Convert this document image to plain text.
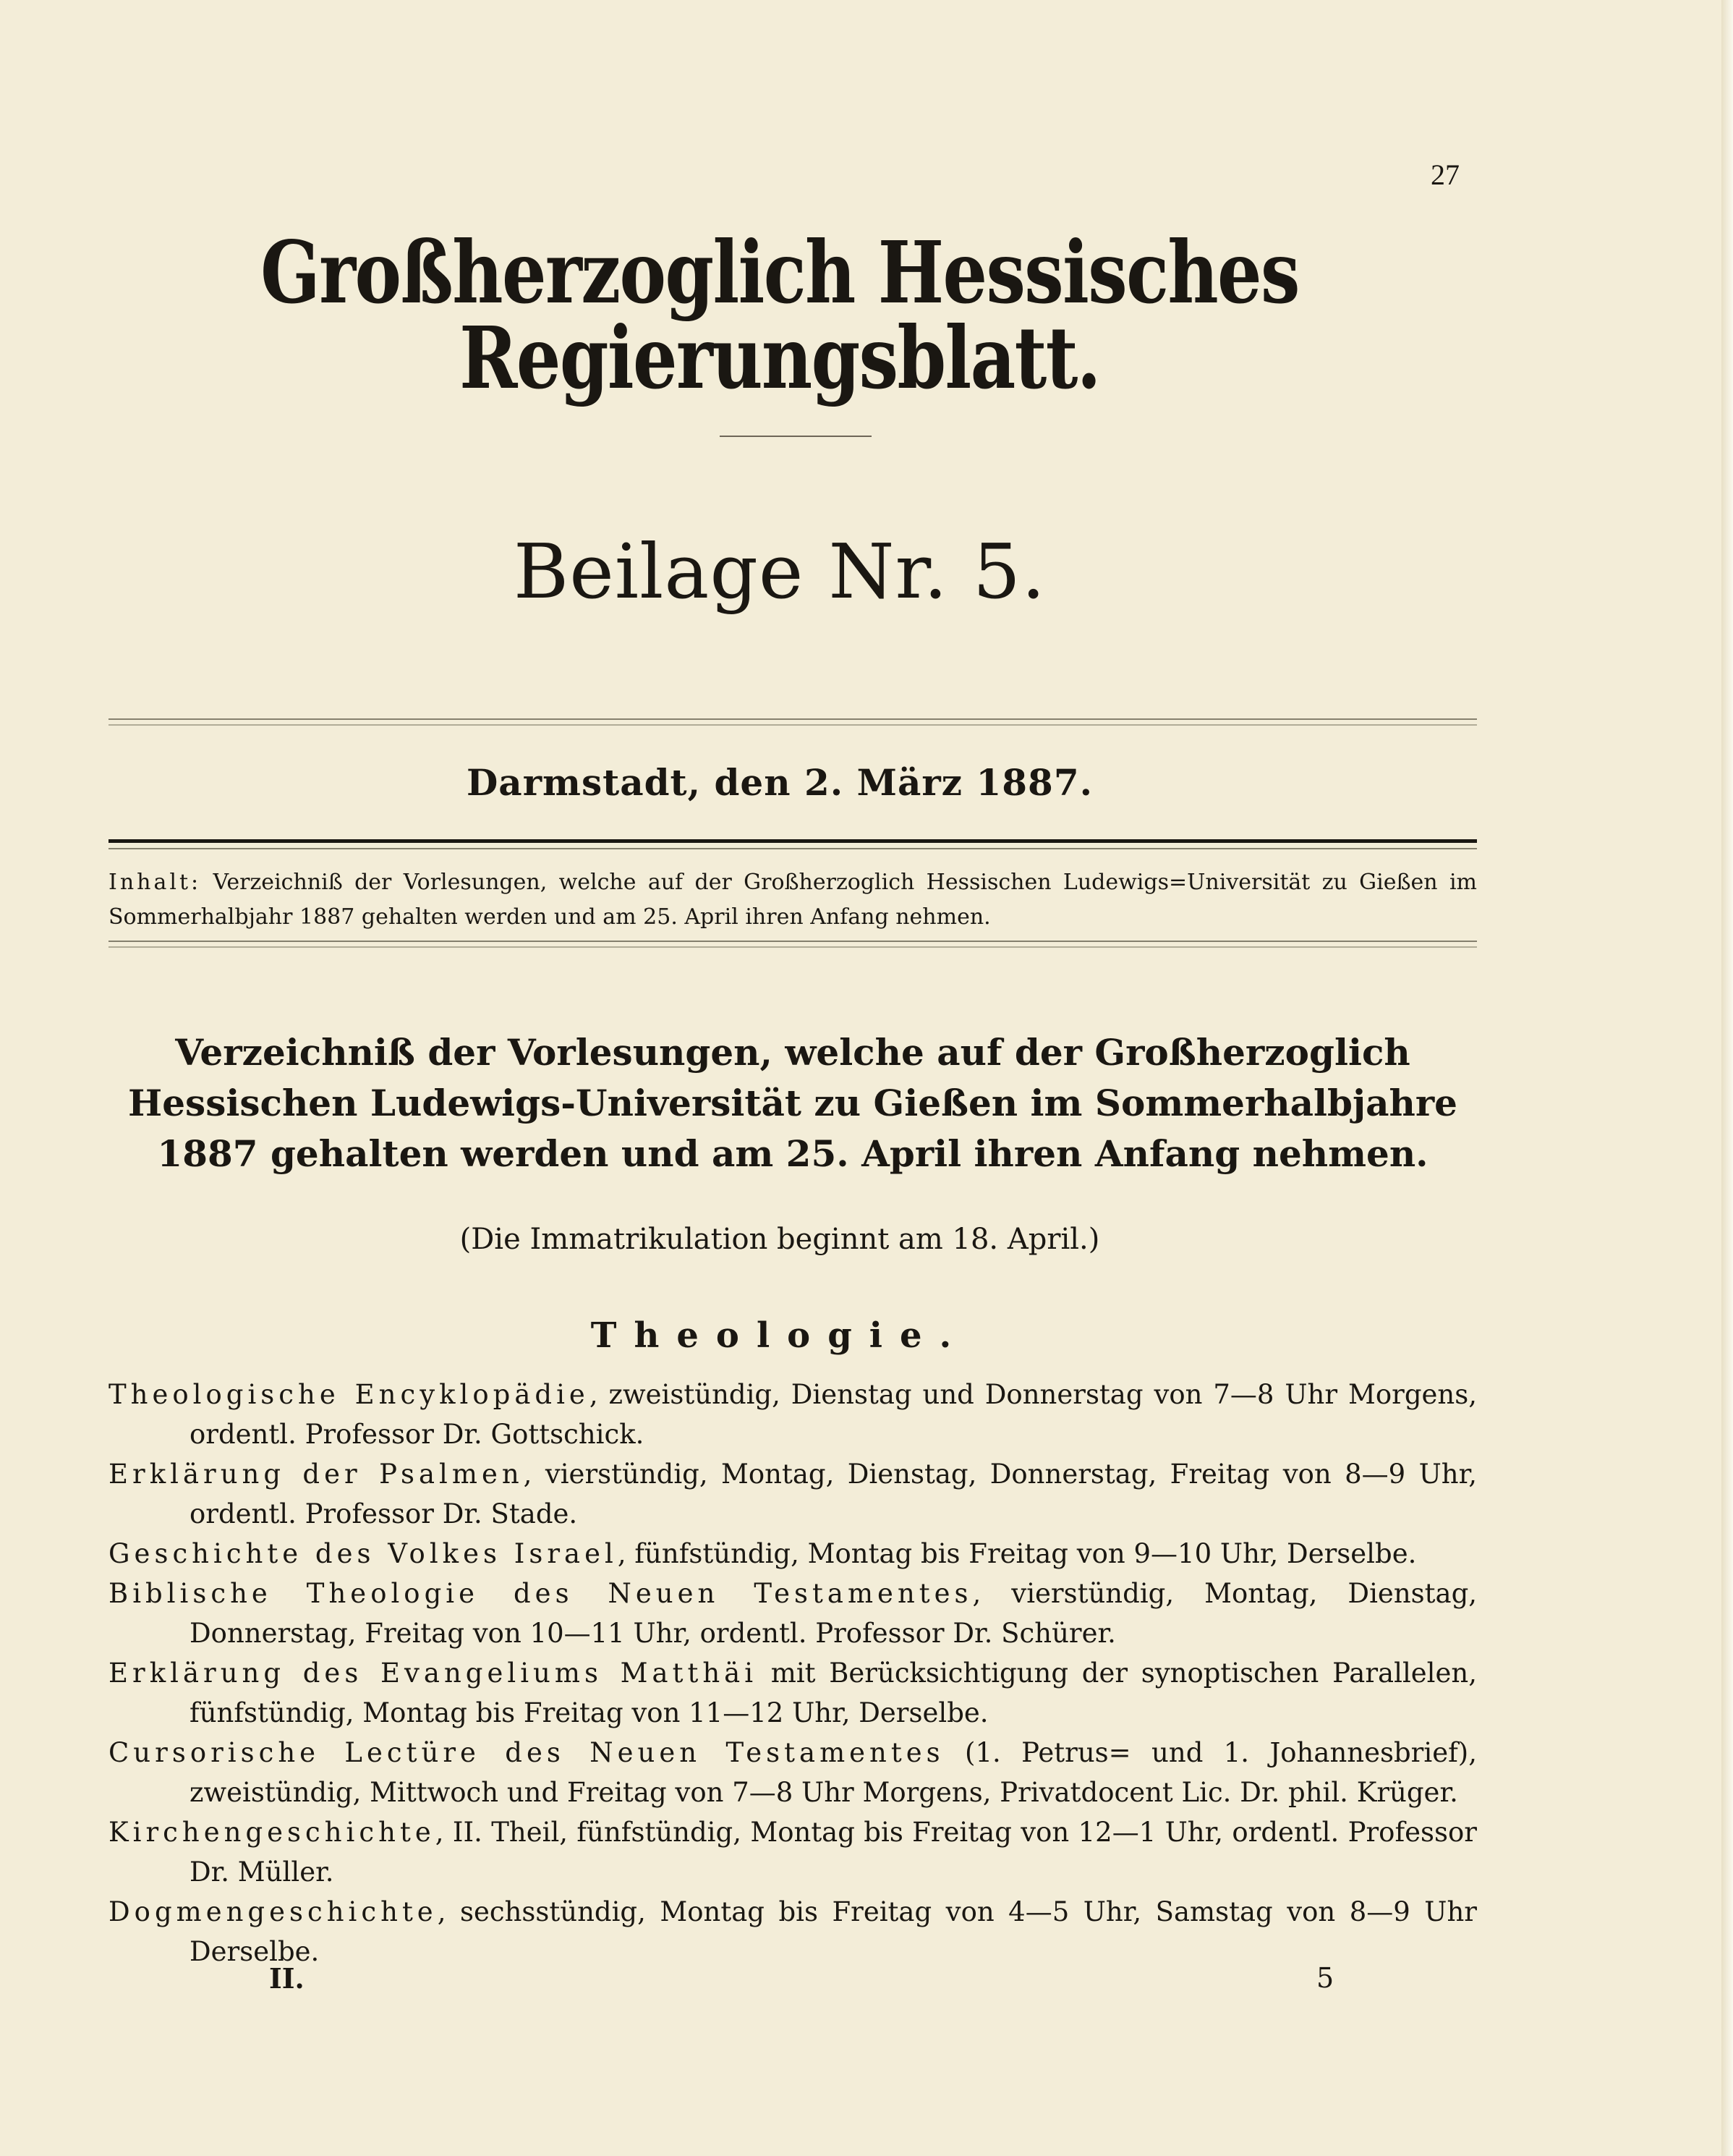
27
Großherzoglich Hessisches Regierungsblatt.
Beilage Nr. 5.
Darmstadt, den 2. März 1887.
Inhalt: Verzeichniß der Vorlesungen, welche auf der Großherzoglich Hessischen Ludewigs=Universität zu Gießen im Sommerhalbjahr 1887 gehalten werden und am 25. April ihren Anfang nehmen.
Verzeichniß der Vorlesungen, welche auf der Großherzoglich Hessischen Ludewigs-Universität zu Gießen im Sommerhalbjahre 1887 gehalten werden und am 25. April ihren Anfang nehmen.
(Die Immatrikulation beginnt am 18. April.)
Theologie.
Theologische Encyklopädie, zweistündig, Dienstag und Donnerstag von 7—8 Uhr Morgens, ordentl. Professor Dr. Gottschick.
Erklärung der Psalmen, vierstündig, Montag, Dienstag, Donnerstag, Freitag von 8—9 Uhr, ordentl. Professor Dr. Stade.
Geschichte des Volkes Israel, fünfstündig, Montag bis Freitag von 9—10 Uhr, Derselbe.
Biblische Theologie des Neuen Testamentes, vierstündig, Montag, Dienstag, Donnerstag, Freitag von 10—11 Uhr, ordentl. Professor Dr. Schürer.
Erklärung des Evangeliums Matthäi mit Berücksichtigung der synoptischen Parallelen, fünfstündig, Montag bis Freitag von 11—12 Uhr, Derselbe.
Cursorische Lectüre des Neuen Testamentes (1. Petrus= und 1. Johannesbrief), zweistündig, Mittwoch und Freitag von 7—8 Uhr Morgens, Privatdocent Lic. Dr. phil. Krüger.
Kirchengeschichte, II. Theil, fünfstündig, Montag bis Freitag von 12—1 Uhr, ordentl. Professor Dr. Müller.
Dogmengeschichte, sechsstündig, Montag bis Freitag von 4—5 Uhr, Samstag von 8—9 Uhr Derselbe.
II.	5
